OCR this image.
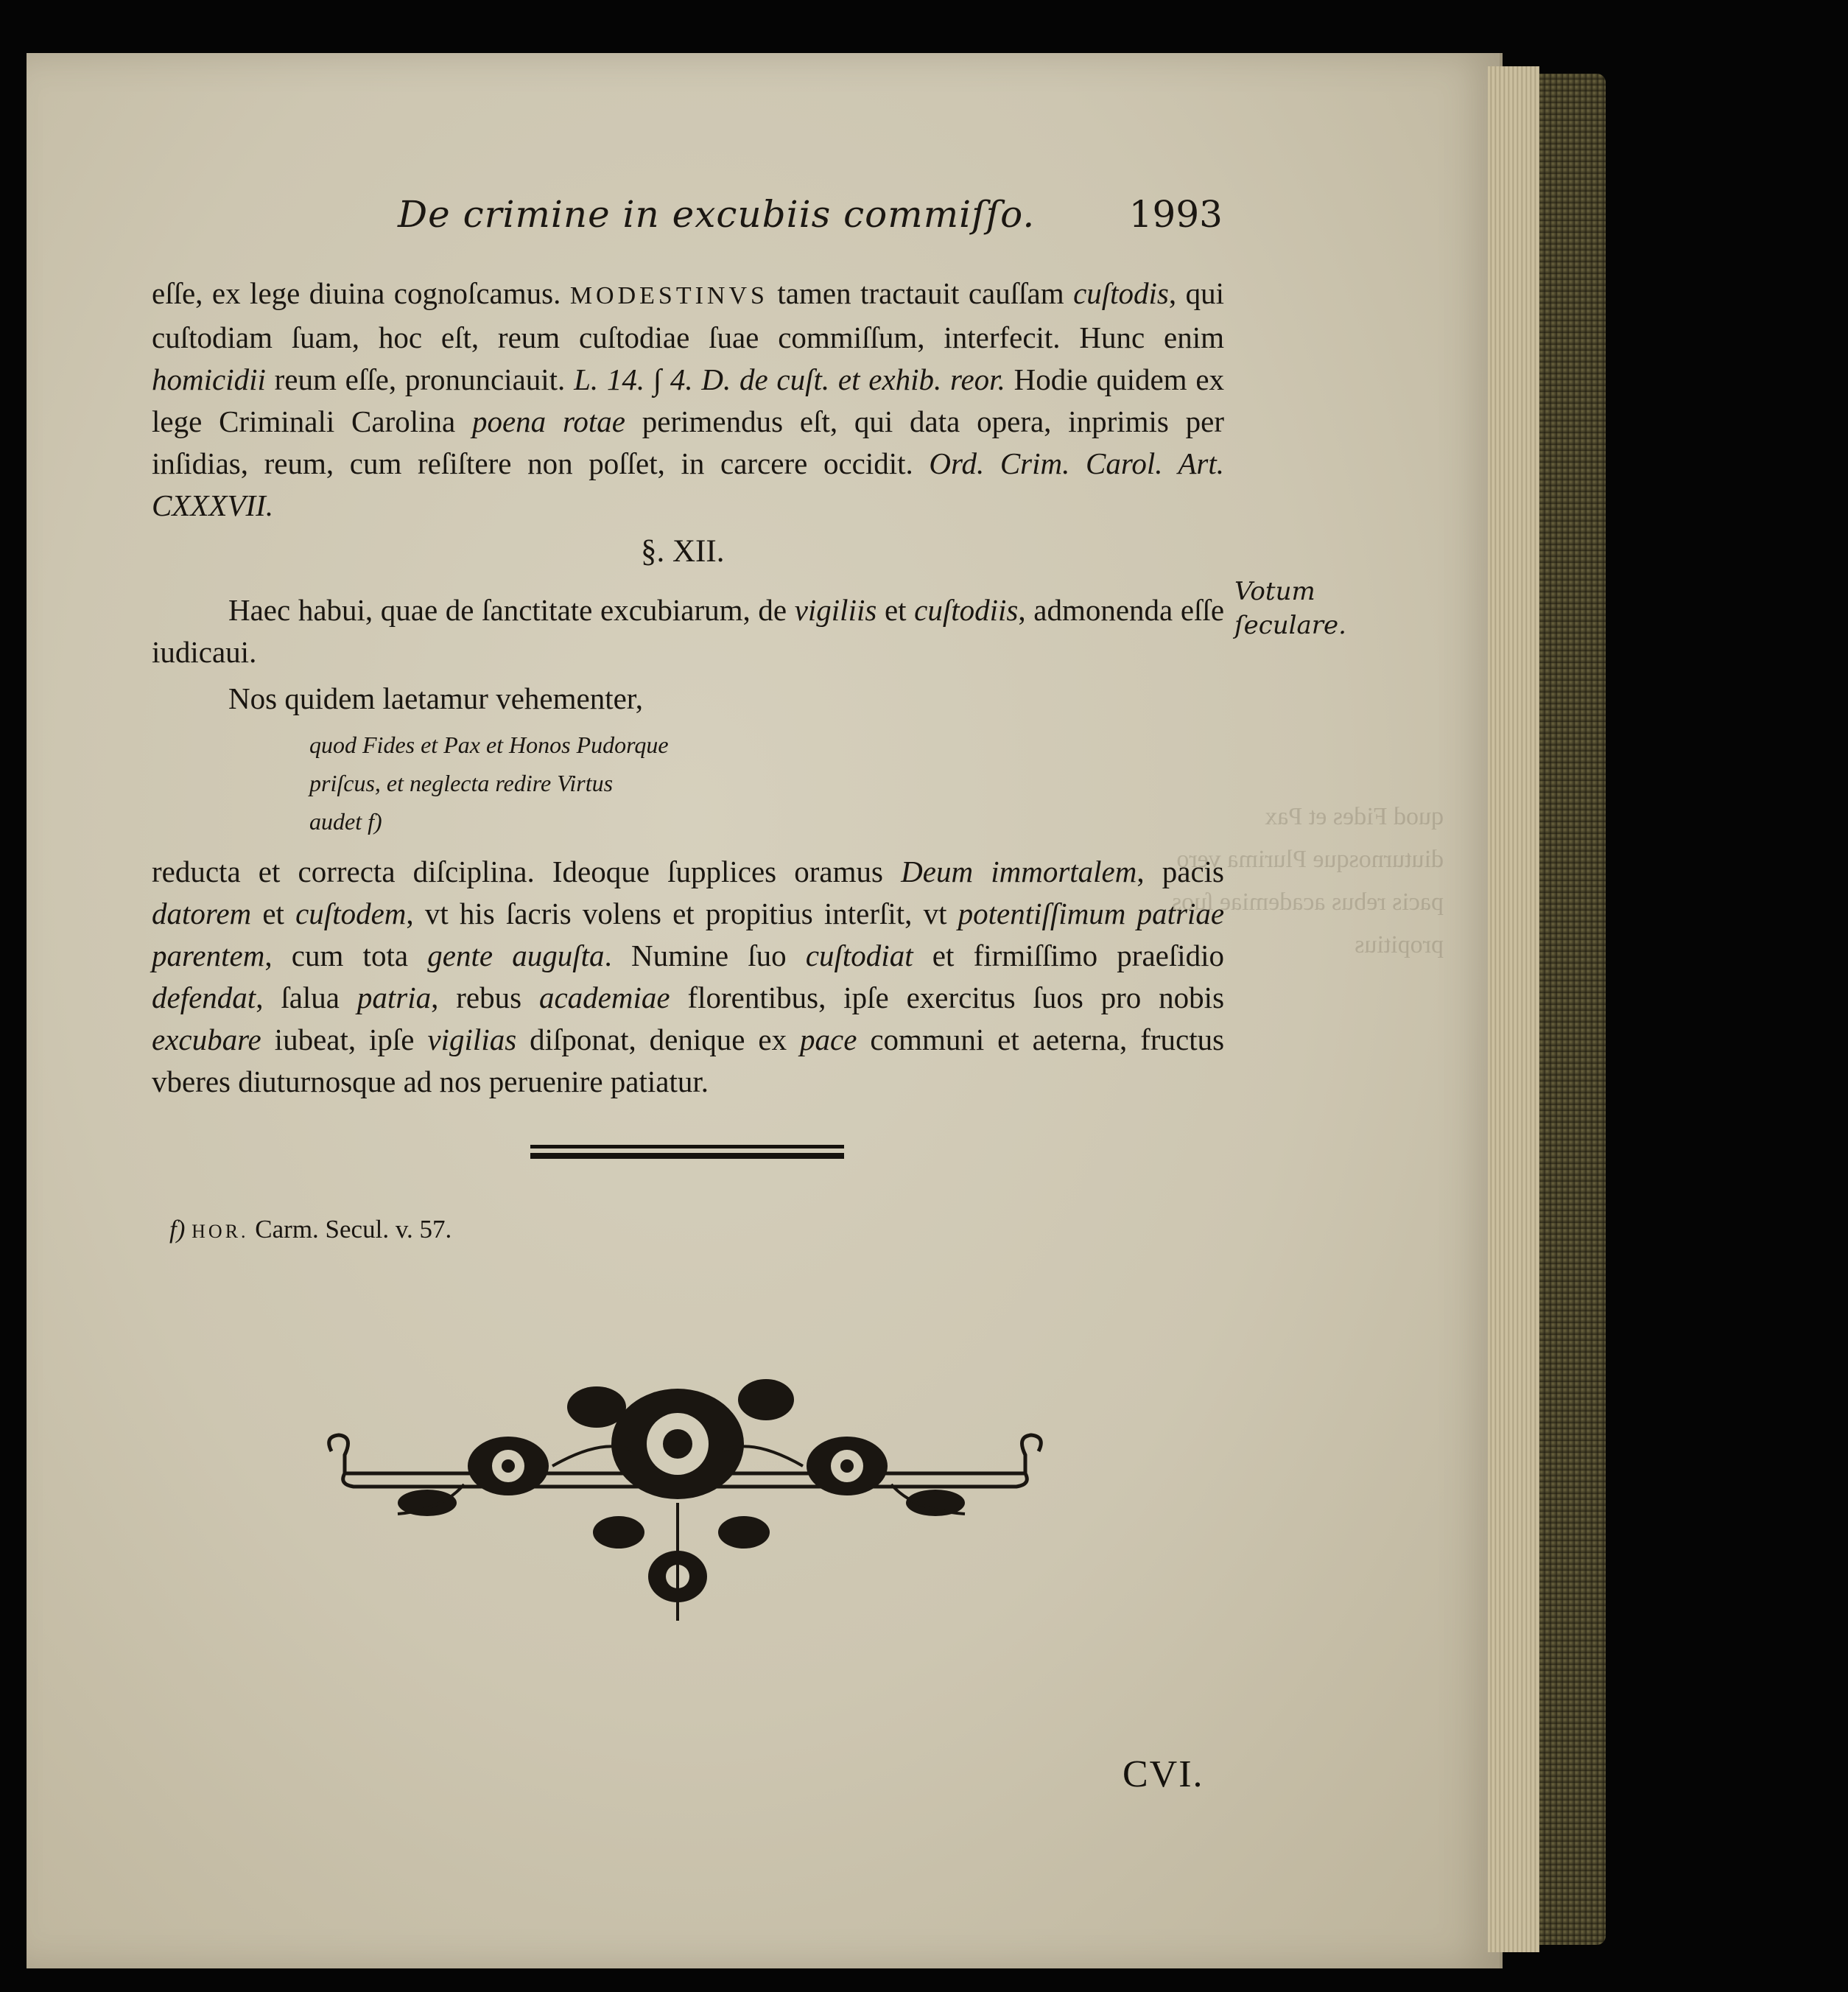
quod Fides et Pax diuturnosque Plurima vero pacis rebus academiae ſuos propitius
De crimine in excubiis commiſſo.	1993
eſſe, ex lege diuina cognoſcamus. MODESTINVS tamen tractauit cauſſam cuſtodis, qui cuſtodiam ſuam, hoc eſt, reum cuſtodiae ſuae commiſſum, interfecit. Hunc enim homicidii reum eſſe, pronunciauit. L. 14. ∫ 4. D. de cuſt. et exhib. reor. Hodie quidem ex lege Criminali Carolina poena rotae perimendus eſt, qui data opera, inprimis per inſidias, reum, cum reſiſtere non poſſet, in carcere occidit. Ord. Crim. Carol. Art. CXXXVII.
§. XII.
Haec habui, quae de ſanctitate excubiarum, de vigiliis et cuſtodiis, admonenda eſſe iudicaui.
Votum ſeculare.
Nos quidem laetamur vehementer,
quod Fides et Pax et Honos Pudorque
priſcus, et neglecta redire Virtus
audet f)
reducta et correcta diſciplina. Ideoque ſupplices oramus Deum immortalem, pacis datorem et cuſtodem, vt his ſacris volens et propitius interſit, vt potentiſſimum patriae parentem, cum tota gente auguſta. Numine ſuo cuſtodiat et firmiſſimo praeſidio defendat, ſalua patria, rebus academiae florentibus, ipſe exercitus ſuos pro nobis excubare iubeat, ipſe vigilias diſponat, denique ex pace communi et aeterna, fructus vberes diuturnosque ad nos peruenire patiatur.
f) HOR. Carm. Secul. v. 57.
CVI.
